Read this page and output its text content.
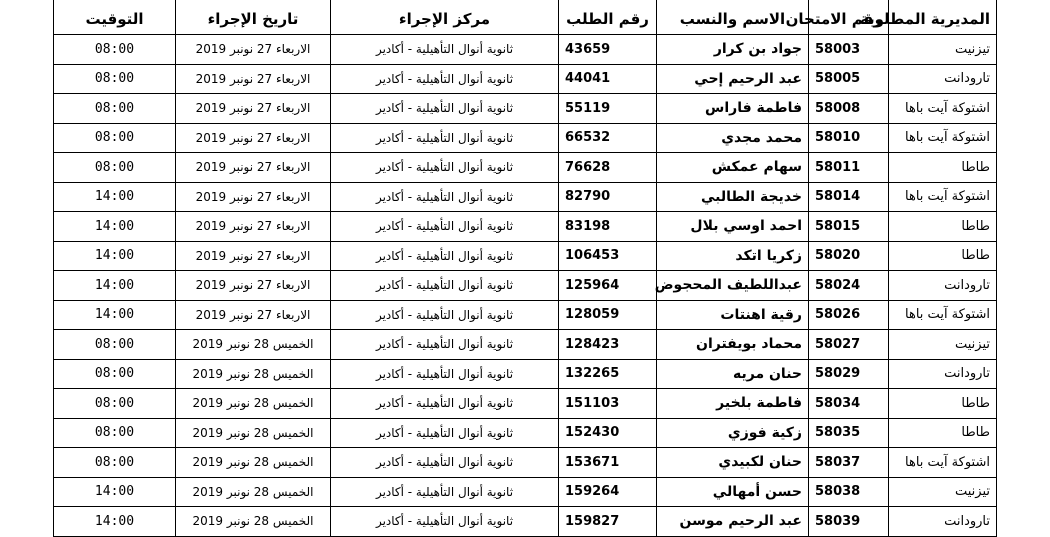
المديرية المطلوبة	رقم الامتحان	الاسم والنسب	رقم الطلب	مركز الإجراء	تاريخ الإجراء	التوقيت
تيزنيت	58003	جواد بن كرار	43659	ثانوية أنوال التأهيلية - أكادير	الاربعاء 27 نونبر 2019	08:00
تارودانت	58005	عبد الرحيم إحي	44041	ثانوية أنوال التأهيلية - أكادير	الاربعاء 27 نونبر 2019	08:00
اشتوكة آيت باها	58008	فاطمة فاراس	55119	ثانوية أنوال التأهيلية - أكادير	الاربعاء 27 نونبر 2019	08:00
اشتوكة آيت باها	58010	محمد مجدي	66532	ثانوية أنوال التأهيلية - أكادير	الاربعاء 27 نونبر 2019	08:00
طاطا	58011	سهام عمكش	76628	ثانوية أنوال التأهيلية - أكادير	الاربعاء 27 نونبر 2019	08:00
اشتوكة آيت باها	58014	خديجة الطالبي	82790	ثانوية أنوال التأهيلية - أكادير	الاربعاء 27 نونبر 2019	14:00
طاطا	58015	احمد اوسي بلال	83198	ثانوية أنوال التأهيلية - أكادير	الاربعاء 27 نونبر 2019	14:00
طاطا	58020	زكريا اتكد	106453	ثانوية أنوال التأهيلية - أكادير	الاربعاء 27 نونبر 2019	14:00
تارودانت	58024	عبداللطيف المحجوض	125964	ثانوية أنوال التأهيلية - أكادير	الاربعاء 27 نونبر 2019	14:00
اشتوكة آيت باها	58026	رقية اهنتات	128059	ثانوية أنوال التأهيلية - أكادير	الاربعاء 27 نونبر 2019	14:00
تيزنيت	58027	محماد بويفتران	128423	ثانوية أنوال التأهيلية - أكادير	الخميس 28 نونبر 2019	08:00
تارودانت	58029	حنان مريه	132265	ثانوية أنوال التأهيلية - أكادير	الخميس 28 نونبر 2019	08:00
طاطا	58034	فاطمة بلخير	151103	ثانوية أنوال التأهيلية - أكادير	الخميس 28 نونبر 2019	08:00
طاطا	58035	زكية فوزي	152430	ثانوية أنوال التأهيلية - أكادير	الخميس 28 نونبر 2019	08:00
اشتوكة آيت باها	58037	حنان لكبيدي	153671	ثانوية أنوال التأهيلية - أكادير	الخميس 28 نونبر 2019	08:00
تيزنيت	58038	حسن أمهالي	159264	ثانوية أنوال التأهيلية - أكادير	الخميس 28 نونبر 2019	14:00
تارودانت	58039	عبد الرحيم موسن	159827	ثانوية أنوال التأهيلية - أكادير	الخميس 28 نونبر 2019	14:00
